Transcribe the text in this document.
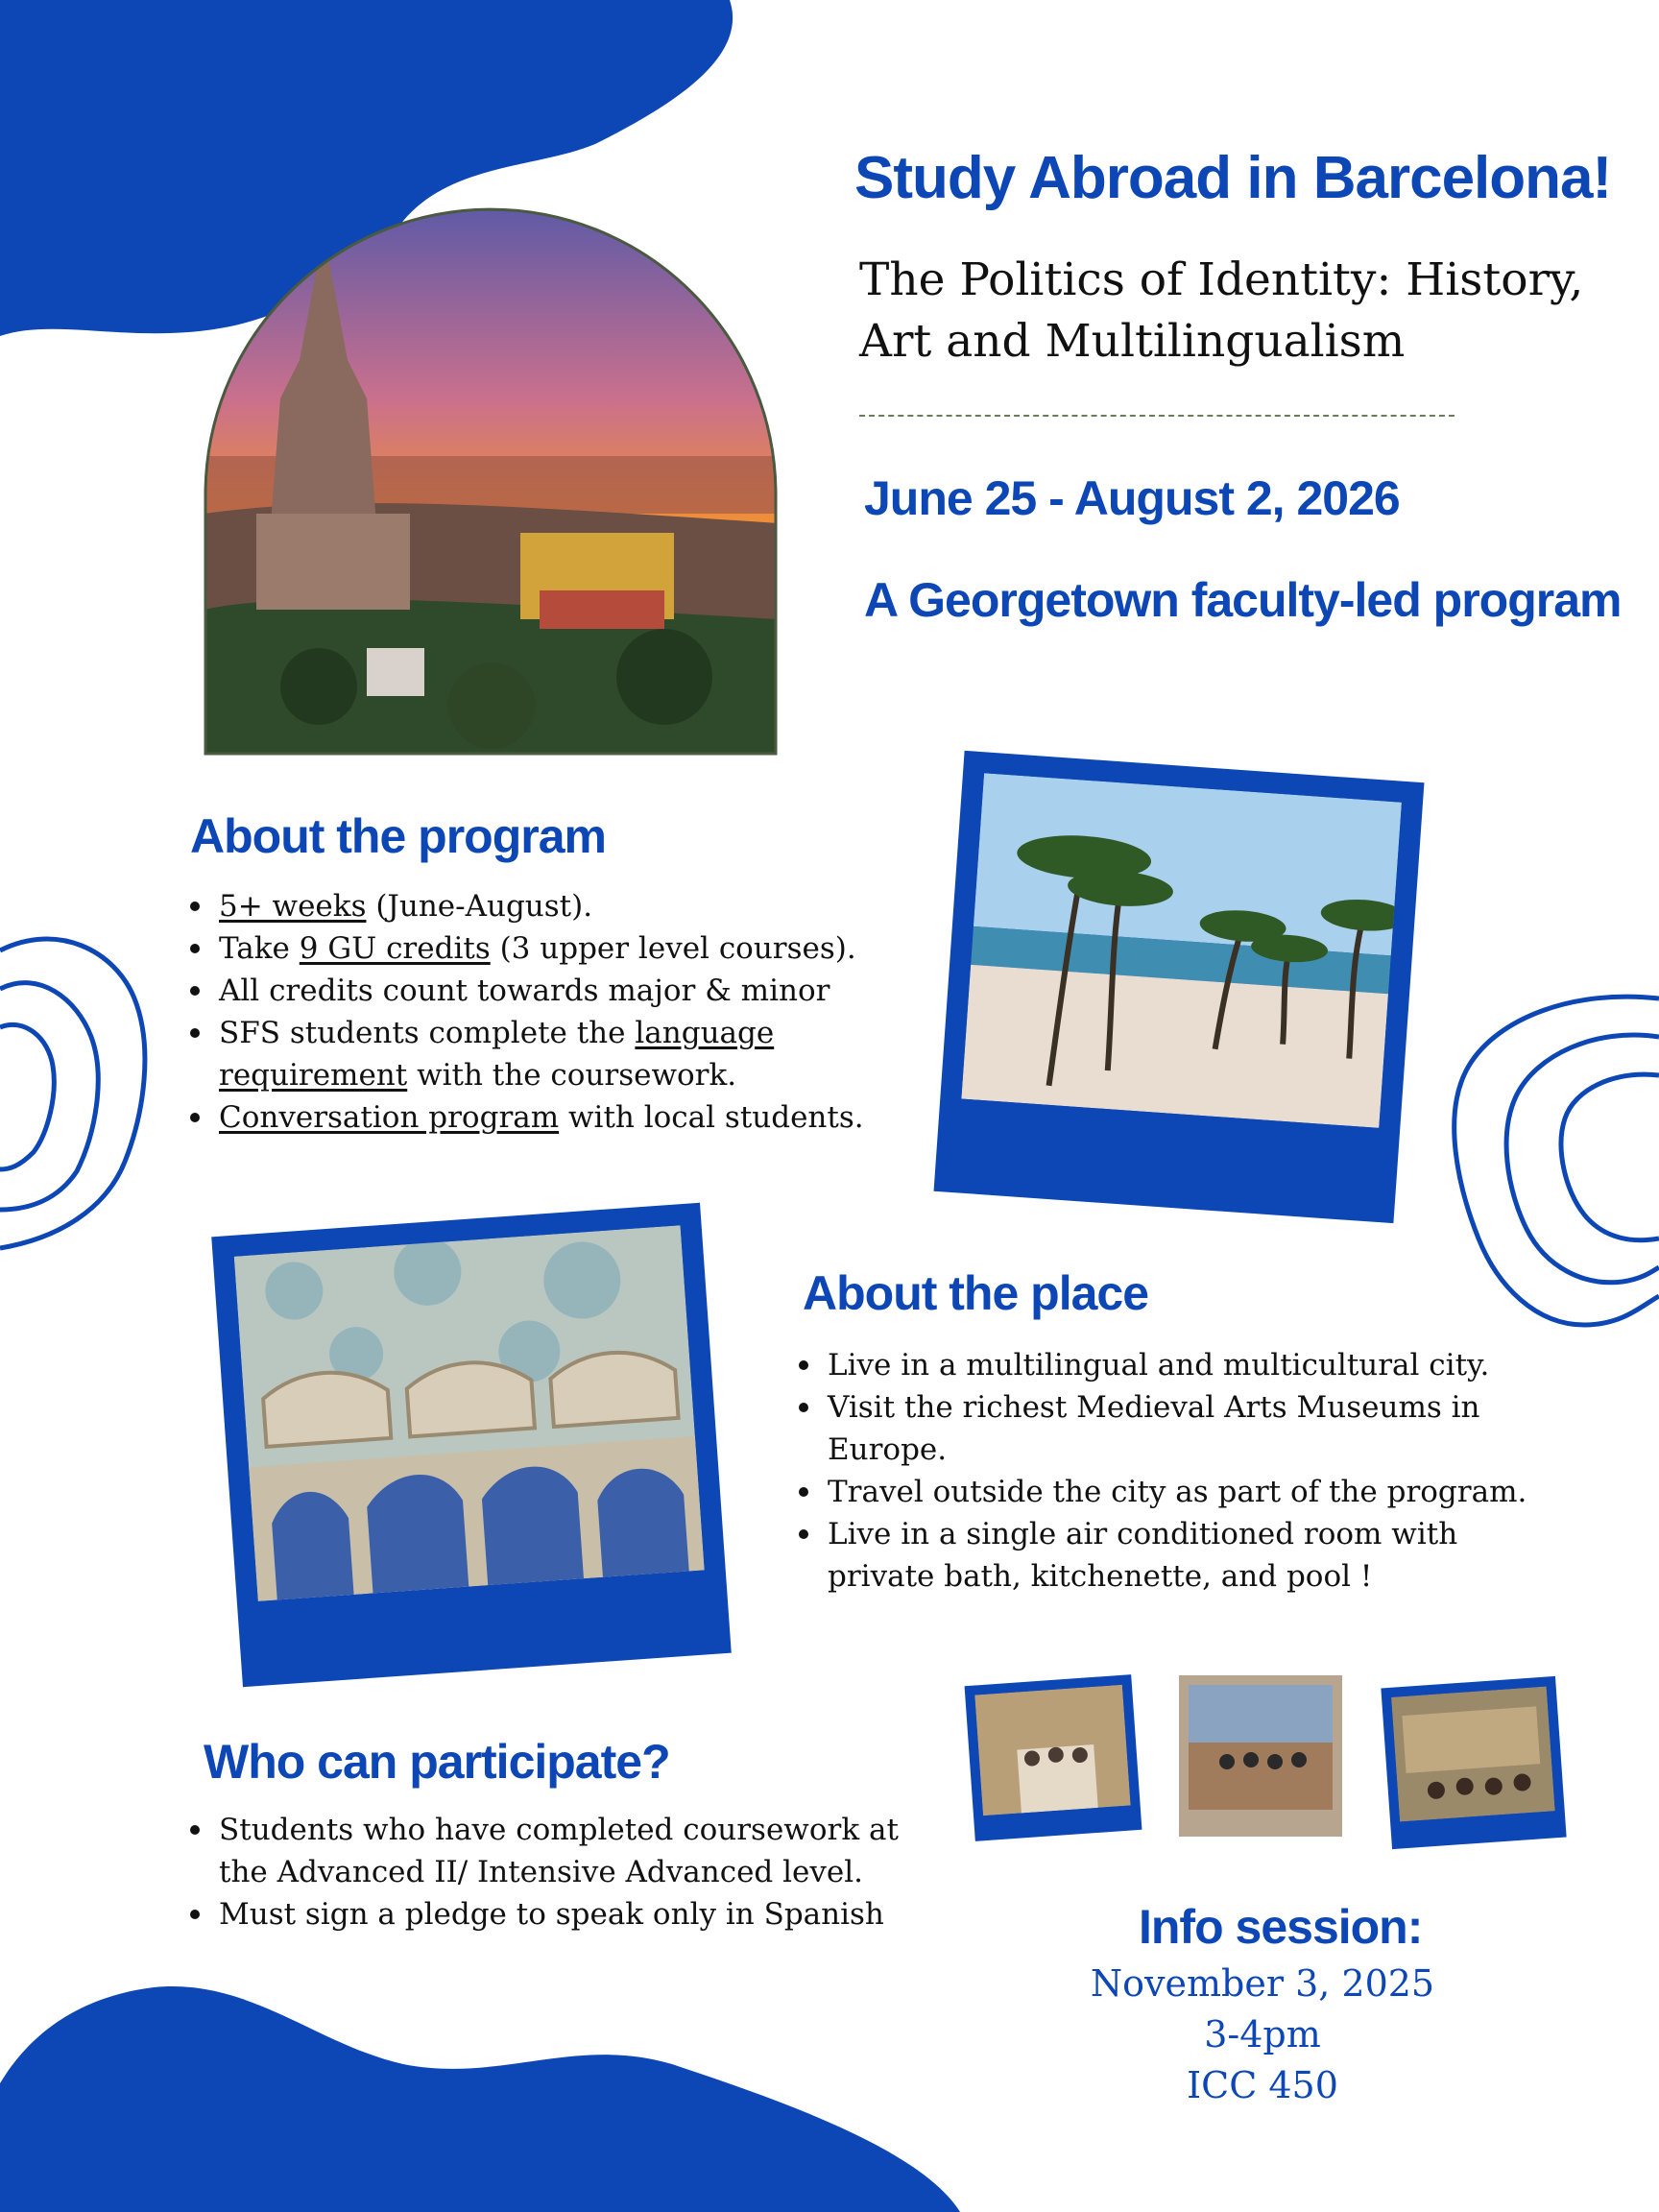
Study Abroad in Barcelona!
The Politics of Identity: History,
Art and Multilingualism
June 25 - August 2, 2026
A Georgetown faculty-led program
About the program
5+ weeks (June-August).
Take 9 GU credits (3 upper level courses).
All credits count towards major & minor
SFS students complete the language
requirement with the coursework.
Conversation program with local students.
About the place
Live in a multilingual and multicultural city.
Visit the richest Medieval Arts Museums in
Europe.
Travel outside the city as part of the program.
Live in a single air conditioned room with
private bath, kitchenette, and pool !
Who can participate?
Students who have completed coursework at
the Advanced II/ Intensive Advanced level.
Must sign a pledge to speak only in Spanish	Info session:
November 3, 2025
3-4pm
ICC 450
